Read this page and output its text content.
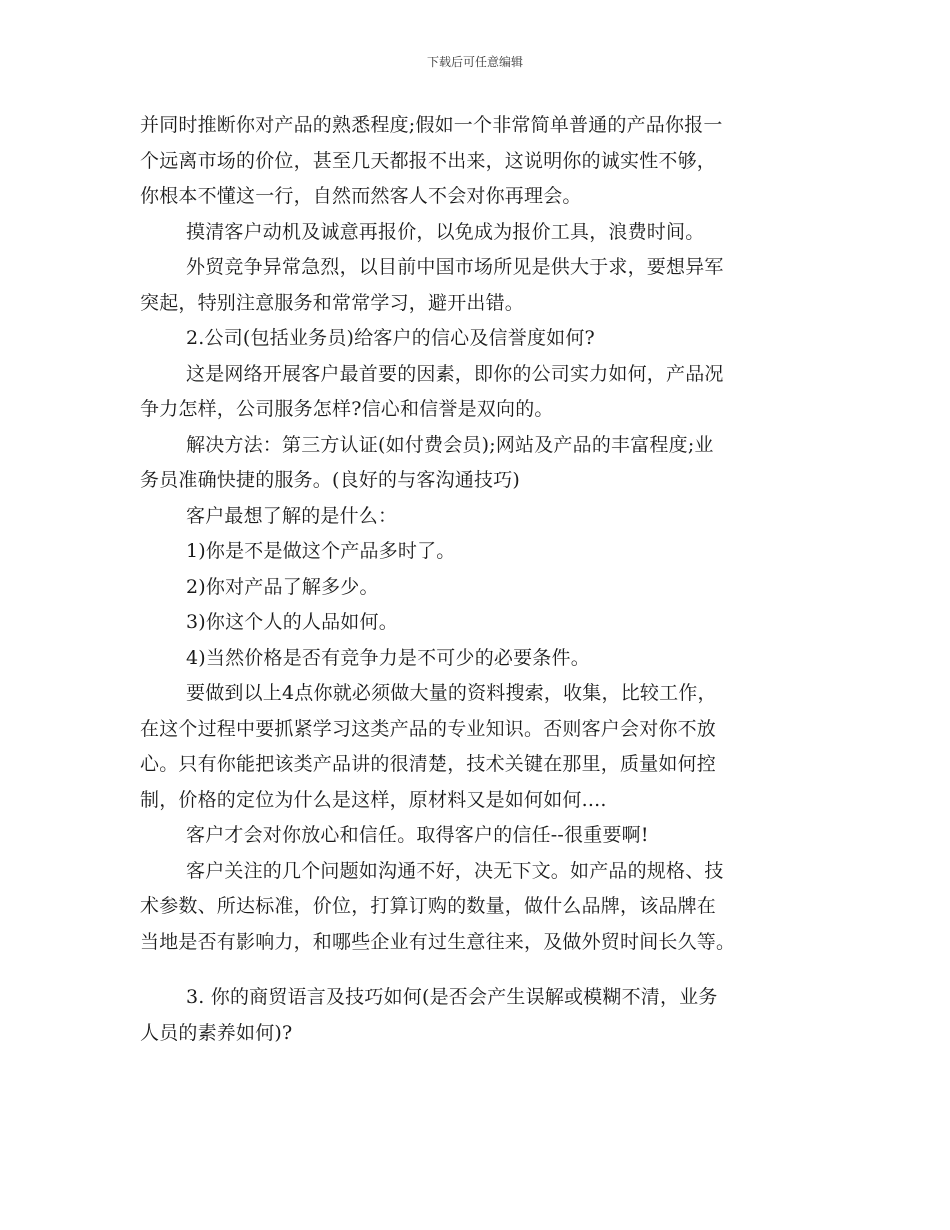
下载后可任意编辑
并同时推断你对产品的熟悉程度;假如一个非常简单普通的产品你报一
个远离市场的价位，甚至几天都报不出来，这说明你的诚实性不够，
你根本不懂这一行，自然而然客人不会对你再理会。
摸清客户动机及诚意再报价，以免成为报价工具，浪费时间。
外贸竞争异常急烈，以目前中国市场所见是供大于求，要想异军
突起，特别注意服务和常常学习，避开出错。
2.公司(包括业务员)给客户的信心及信誉度如何?
这是网络开展客户最首要的因素，即你的公司实力如何，产品况
争力怎样，公司服务怎样?信心和信誉是双向的。
解决方法：第三方认证(如付费会员);网站及产品的丰富程度;业
务员准确快捷的服务。(良好的与客沟通技巧)
客户最想了解的是什么：
1)你是不是做这个产品多时了。
2)你对产品了解多少。
3)你这个人的人品如何。
4)当然价格是否有竞争力是不可少的必要条件。
要做到以上4点你就必须做大量的资料搜索，收集，比较工作，
在这个过程中要抓紧学习这类产品的专业知识。否则客户会对你不放
心。只有你能把该类产品讲的很清楚，技术关键在那里，质量如何控
制，价格的定位为什么是这样，原材料又是如何如何....
客户才会对你放心和信任。取得客户的信任--很重要啊!
客户关注的几个问题如沟通不好，决无下文。如产品的规格、技
术参数、所达标准，价位，打算订购的数量，做什么品牌，该品牌在
当地是否有影响力，和哪些企业有过生意往来，及做外贸时间长久等。
3. 你的商贸语言及技巧如何(是否会产生误解或模糊不清，业务
人员的素养如何)?
